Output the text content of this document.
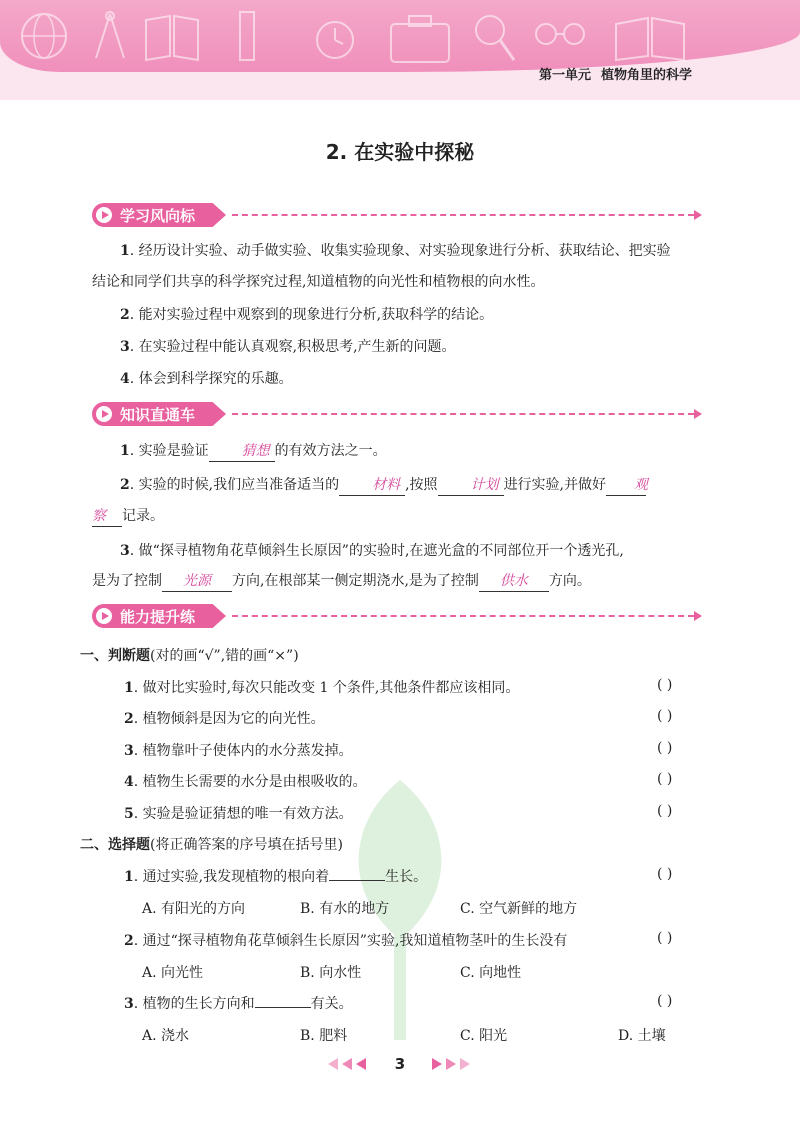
第一单元 植物角里的科学
2. 在实验中探秘
学习风向标
1. 经历设计实验、动手做实验、收集实验现象、对实验现象进行分析、获取结论、把实验
结论和同学们共享的科学探究过程,知道植物的向光性和植物根的向水性。
2. 能对实验过程中观察到的现象进行分析,获取科学的结论。
3. 在实验过程中能认真观察,积极思考,产生新的问题。
4. 体会到科学探究的乐趣。
知识直通车
1. 实验是验证 猜想 的有效方法之一。
2. 实验的时候,我们应当准备适当的 材料 ,按照 计划 进行实验,并做好 观
察 记录。
3. 做“探寻植物角花草倾斜生长原因”的实验时,在遮光盒的不同部位开一个透光孔,
是为了控制 光源 方向,在根部某一侧定期浇水,是为了控制 供水 方向。
能力提升练
一、判断题(对的画“√”,错的画“×”)
1. 做对比实验时,每次只能改变 1 个条件,其他条件都应该相同。	( )
2. 植物倾斜是因为它的向光性。	( )
3. 植物靠叶子使体内的水分蒸发掉。	( )
4. 植物生长需要的水分是由根吸收的。	( )
5. 实验是验证猜想的唯一有效方法。	( )
二、选择题(将正确答案的序号填在括号里)
1. 通过实验,我发现植物的根向着	生长。	( )
A. 有阳光的方向	B. 有水的地方	C. 空气新鲜的地方
2. 通过“探寻植物角花草倾斜生长原因”实验,我知道植物茎叶的生长没有	( )
A. 向光性	B. 向水性	C. 向地性
3. 植物的生长方向和	有关。	( )
A. 浇水	B. 肥料	C. 阳光	D. 土壤
3
